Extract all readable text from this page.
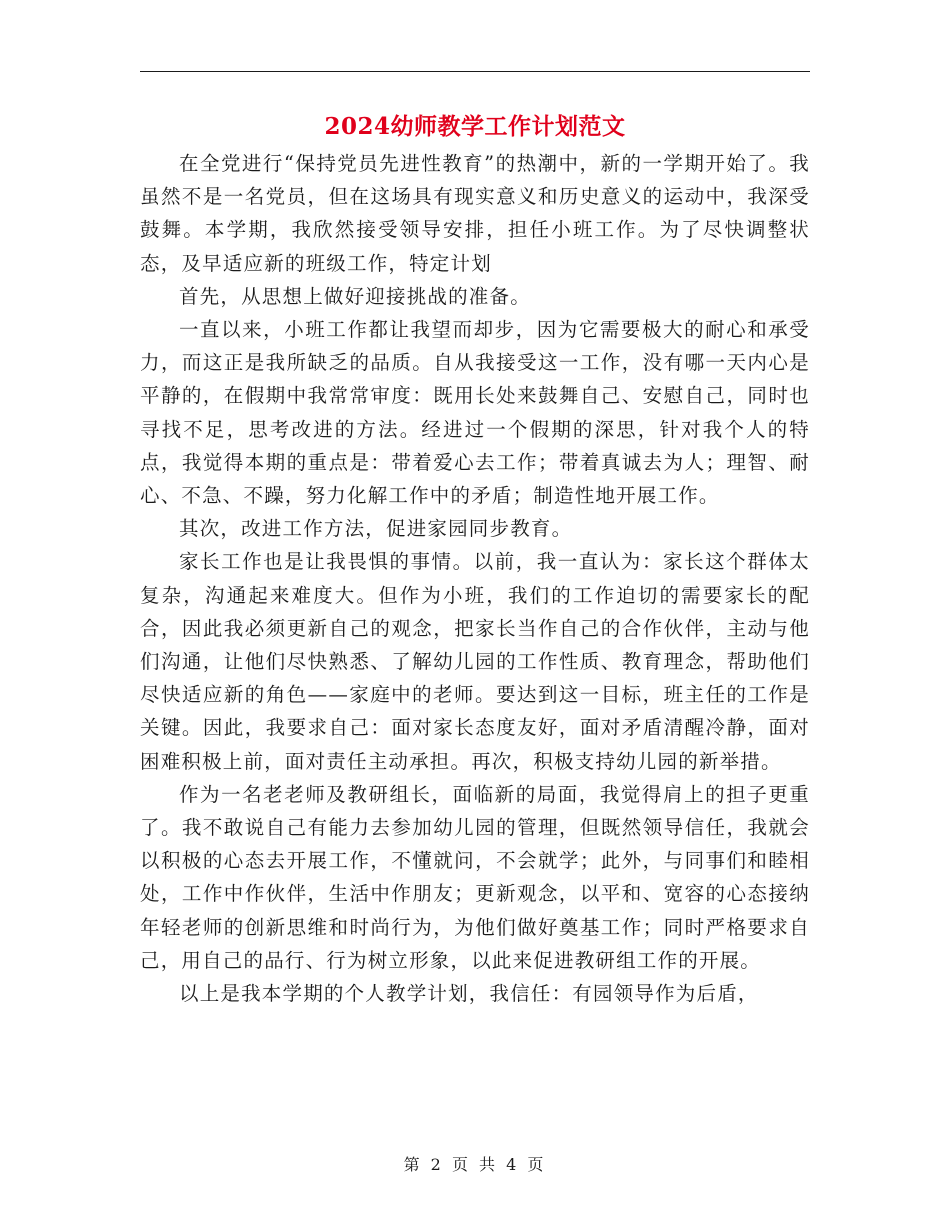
2024幼师教学工作计划范文

在全党进行“保持党员先进性教育”的热潮中，新的一学期开始了。我虽然不是一名党员，但在这场具有现实意义和历史意义的运动中，我深受鼓舞。本学期，我欣然接受领导安排，担任小班工作。为了尽快调整状态，及早适应新的班级工作，特定计划

首先，从思想上做好迎接挑战的准备。

一直以来，小班工作都让我望而却步，因为它需要极大的耐心和承受力，而这正是我所缺乏的品质。自从我接受这一工作，没有哪一天内心是平静的，在假期中我常常审度：既用长处来鼓舞自己、安慰自己，同时也寻找不足，思考改进的方法。经进过一个假期的深思，针对我个人的特点，我觉得本期的重点是：带着爱心去工作；带着真诚去为人；理智、耐心、不急、不躁，努力化解工作中的矛盾；制造性地开展工作。

其次，改进工作方法，促进家园同步教育。

家长工作也是让我畏惧的事情。以前，我一直认为：家长这个群体太复杂，沟通起来难度大。但作为小班，我们的工作迫切的需要家长的配合，因此我必须更新自己的观念，把家长当作自己的合作伙伴，主动与他们沟通，让他们尽快熟悉、了解幼儿园的工作性质、教育理念，帮助他们尽快适应新的角色——家庭中的老师。要达到这一目标，班主任的工作是关键。因此，我要求自己：面对家长态度友好，面对矛盾清醒冷静，面对困难积极上前，面对责任主动承担。再次，积极支持幼儿园的新举措。

作为一名老老师及教研组长，面临新的局面，我觉得肩上的担子更重了。我不敢说自己有能力去参加幼儿园的管理，但既然领导信任，我就会以积极的心态去开展工作，不懂就问，不会就学；此外，与同事们和睦相处，工作中作伙伴，生活中作朋友；更新观念，以平和、宽容的心态接纳年轻老师的创新思维和时尚行为，为他们做好奠基工作；同时严格要求自己，用自己的品行、行为树立形象，以此来促进教研组工作的开展。

以上是我本学期的个人教学计划，我信任：有园领导作为后盾，

第 2 页 共 4 页
